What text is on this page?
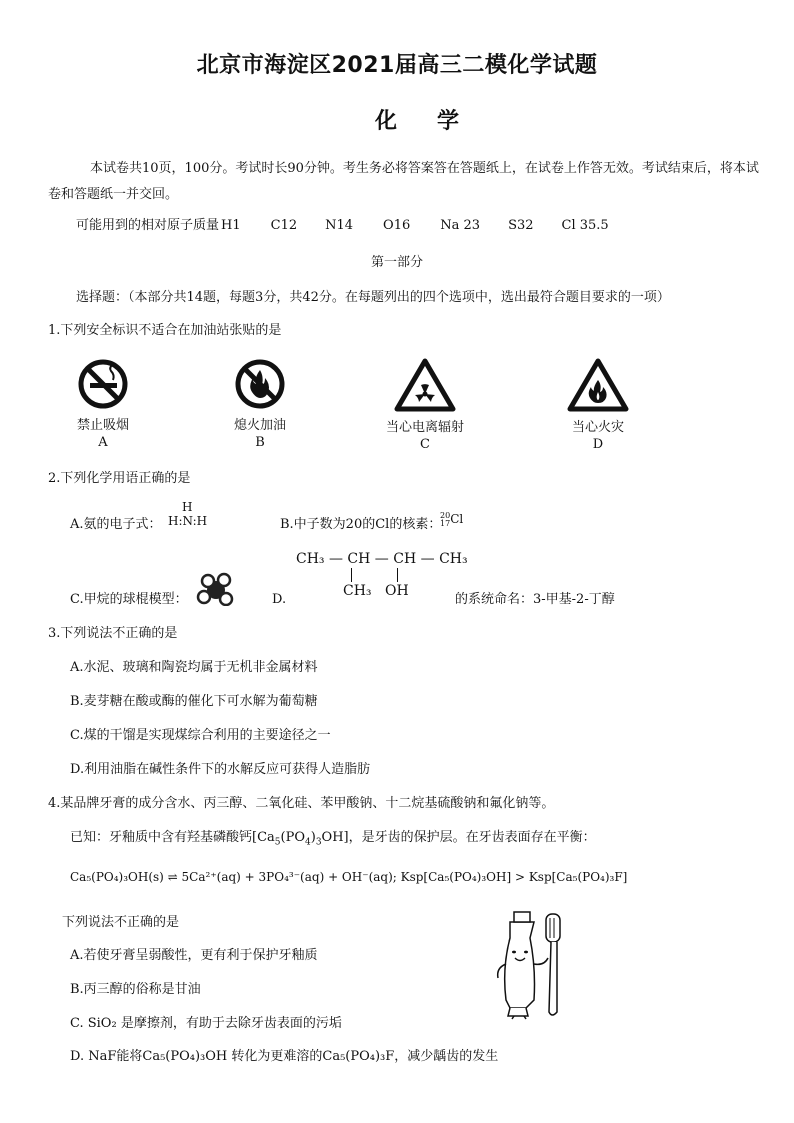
北京市海淀区2021届高三二模化学试题
化学
本试卷共10页，100分。考试时长90分钟。考生务必将答案答在答题纸上，在试卷上作答无效。考试结束后，将本试卷和答题纸一并交回。
可能用到的相对原子质量 H1 C12 N14 O16 Na 23 S32 Cl 35.5
第一部分
选择题：（本部分共14题，每题3分，共42分。在每题列出的四个选项中，选出最符合题目要求的一项）
1.下列安全标识不适合在加油站张贴的是
禁止吸烟
A
熄火加油
B
当心电离辐射
C
当心火灾
D
2.下列化学用语正确的是
A.氨的电子式：
H
H:N:H	B.中子数为20的Cl的核素：
20
17Cl
C.甲烷的球棍模型：	D.
CH₃ — CH — CH — CH₃
CH₃ OH
的系统命名：3-甲基-2-丁醇
3.下列说法不正确的是
A.水泥、玻璃和陶瓷均属于无机非金属材料
B.麦芽糖在酸或酶的催化下可水解为葡萄糖
C.煤的干馏是实现煤综合利用的主要途径之一
D.利用油脂在碱性条件下的水解反应可获得人造脂肪
4.某品牌牙膏的成分含水、丙三醇、二氧化硅、苯甲酸钠、十二烷基硫酸钠和氟化钠等。
已知：牙釉质中含有羟基磷酸钙$[Ca_5(PO_4)_3OH]$，是牙齿的保护层。在牙齿表面存在平衡：
Ca₅(PO₄)₃OH(s) ⇌ 5Ca²⁺(aq) + 3PO₄³⁻(aq) + OH⁻(aq); Ksp[Ca₅(PO₄)₃OH] > Ksp[Ca₅(PO₄)₃F]
下列说法不正确的是
A.若使牙膏呈弱酸性，更有利于保护牙釉质
B.丙三醇的俗称是甘油
C. SiO₂ 是摩擦剂，有助于去除牙齿表面的污垢
D. NaF能将Ca₅(PO₄)₃OH 转化为更难溶的Ca₅(PO₄)₃F，减少龋齿的发生
